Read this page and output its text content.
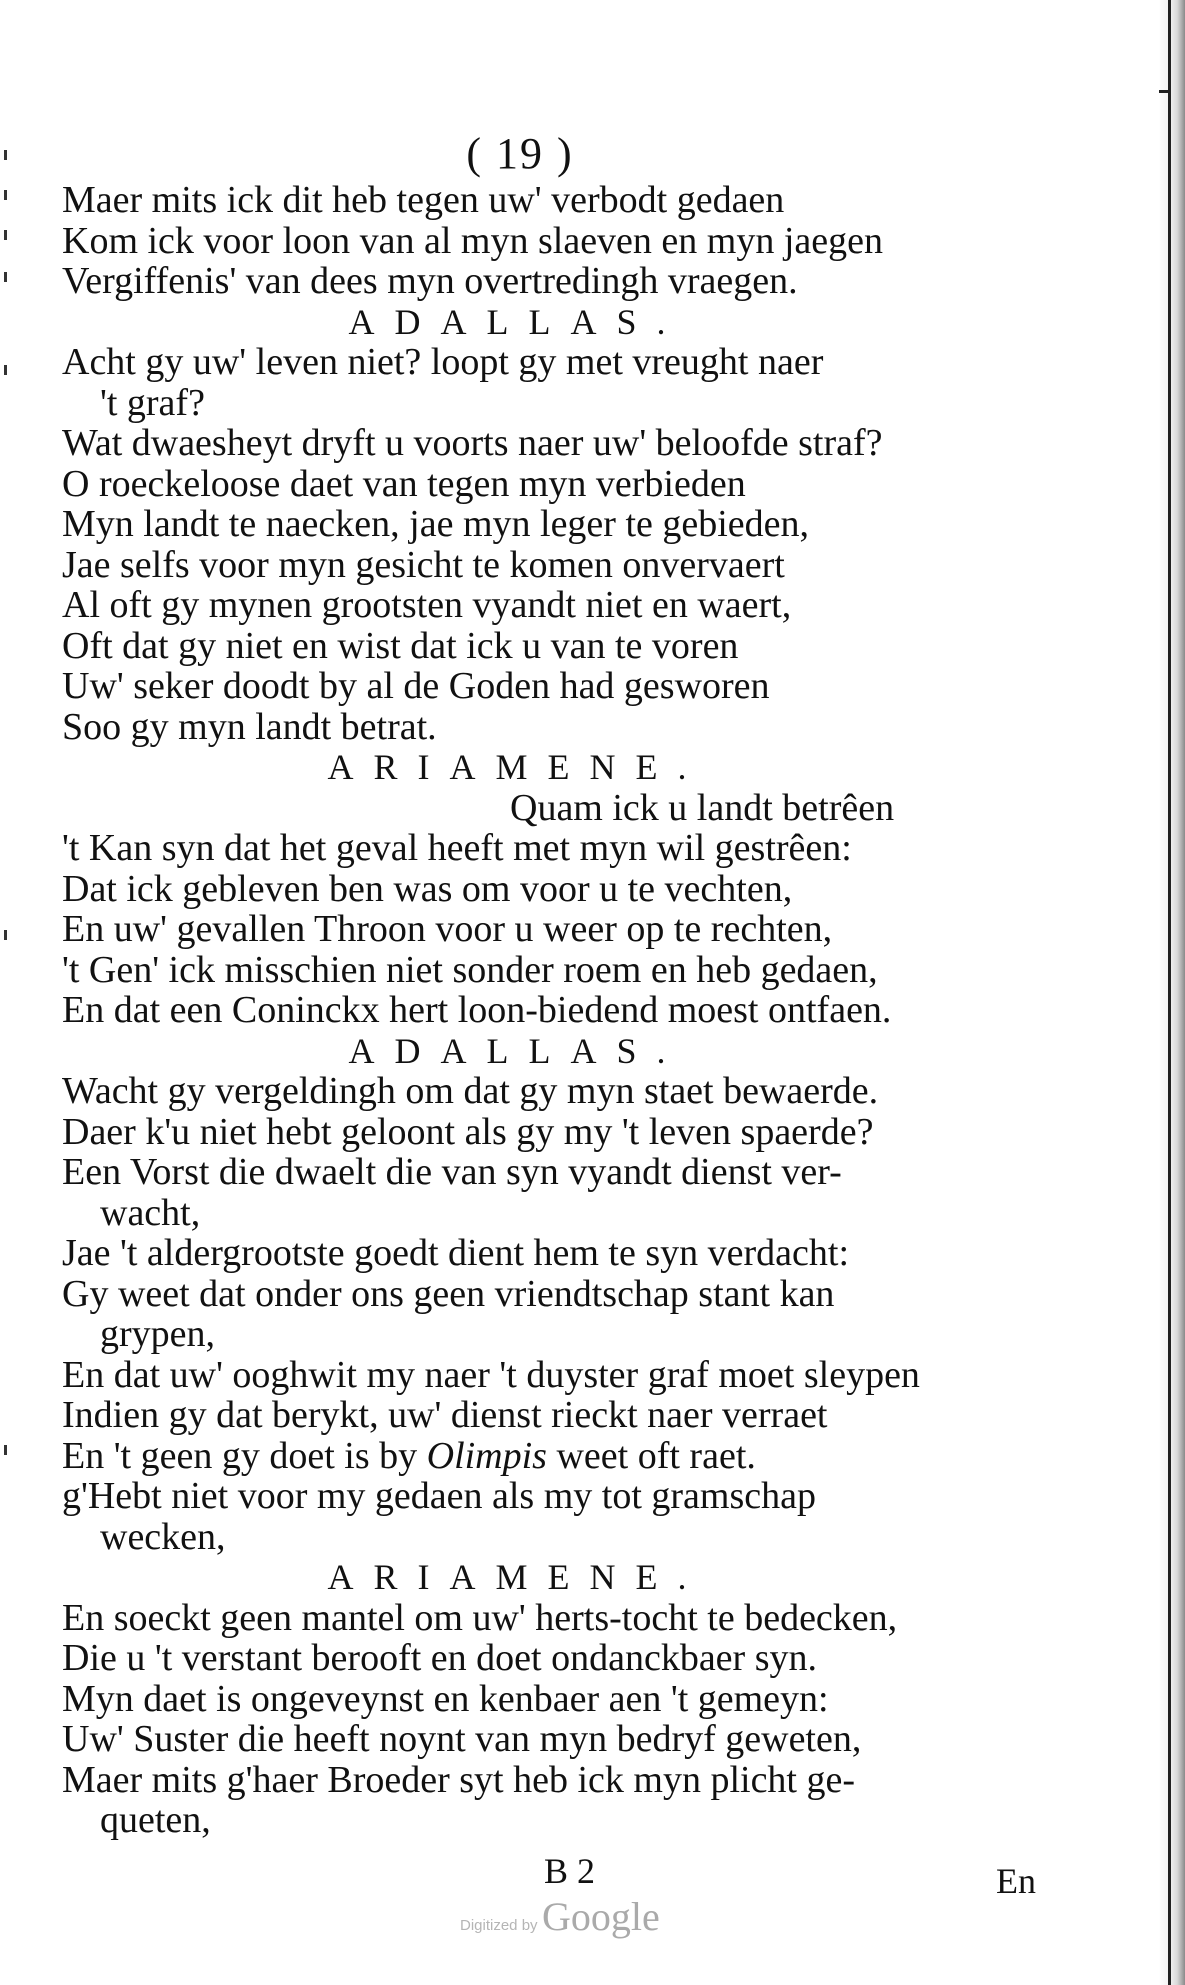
( 19 )
Maer mits ick dit heb tegen uw' verbodt gedaen
Kom ick voor loon van al myn slaeven en myn jaegen
Vergiffenis' van dees myn overtredingh vraegen.
ADALLAS.
Acht gy uw' leven niet? loopt gy met vreught naer
't graf?
Wat dwaesheyt dryft u voorts naer uw' beloofde straf?
O roeckeloose daet van tegen myn verbieden
Myn landt te naecken, jae myn leger te gebieden,
Jae selfs voor myn gesicht te komen onvervaert
Al oft gy mynen grootsten vyandt niet en waert,
Oft dat gy niet en wist dat ick u van te voren
Uw' seker doodt by al de Goden had gesworen
Soo gy myn landt betrat.
ARIAMENE.
Quam ick u landt betrêen
't Kan syn dat het geval heeft met myn wil gestrêen:
Dat ick gebleven ben was om voor u te vechten,
En uw' gevallen Throon voor u weer op te rechten,
't Gen' ick misschien niet sonder roem en heb gedaen,
En dat een Coninckx hert loon-biedend moest ontfaen.
ADALLAS.
Wacht gy vergeldingh om dat gy myn staet bewaerde.
Daer k'u niet hebt geloont als gy my 't leven spaerde?
Een Vorst die dwaelt die van syn vyandt dienst ver-
wacht,
Jae 't aldergrootste goedt dient hem te syn verdacht:
Gy weet dat onder ons geen vriendtschap stant kan
grypen,
En dat uw' ooghwit my naer 't duyster graf moet sleypen
Indien gy dat berykt, uw' dienst rieckt naer verraet
En 't geen gy doet is by Olimpis weet oft raet.
g'Hebt niet voor my gedaen als my tot gramschap
wecken,
ARIAMENE.
En soeckt geen mantel om uw' herts-tocht te bedecken,
Die u 't verstant berooft en doet ondanckbaer syn.
Myn daet is ongeveynst en kenbaer aen 't gemeyn:
Uw' Suster die heeft noynt van myn bedryf geweten,
Maer mits g'haer Broeder syt heb ick myn plicht ge-
queten,
B 2	En
Digitized by Google
